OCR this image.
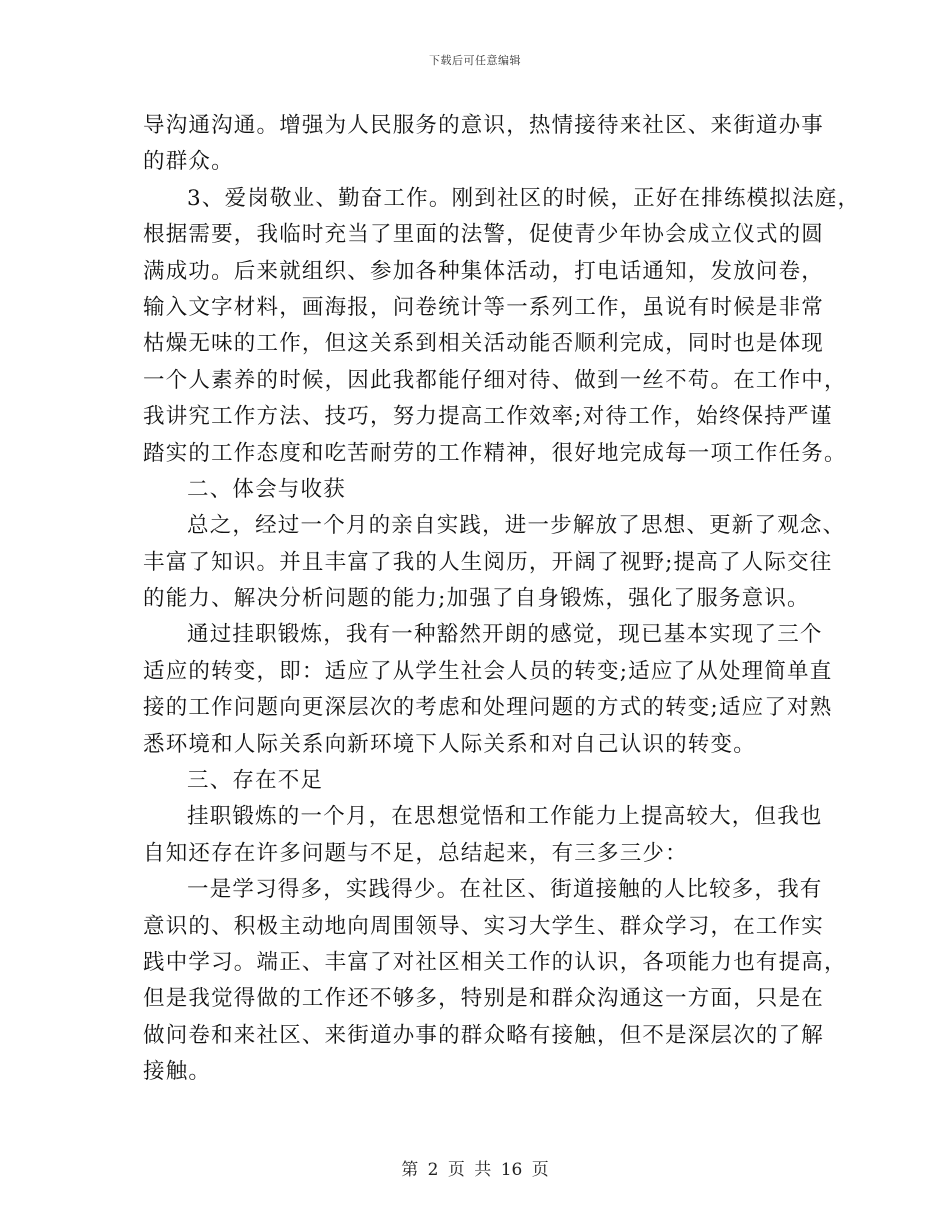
下载后可任意编辑
导沟通沟通。增强为人民服务的意识，热情接待来社区、来街道办事
的群众。
3、爱岗敬业、勤奋工作。刚到社区的时候，正好在排练模拟法庭，
根据需要，我临时充当了里面的法警，促使青少年协会成立仪式的圆
满成功。后来就组织、参加各种集体活动，打电话通知，发放问卷，
输入文字材料，画海报，问卷统计等一系列工作，虽说有时候是非常
枯燥无味的工作，但这关系到相关活动能否顺利完成，同时也是体现
一个人素养的时候，因此我都能仔细对待、做到一丝不苟。在工作中，
我讲究工作方法、技巧，努力提高工作效率;对待工作，始终保持严谨
踏实的工作态度和吃苦耐劳的工作精神，很好地完成每一项工作任务。
二、体会与收获
总之，经过一个月的亲自实践，进一步解放了思想、更新了观念、
丰富了知识。并且丰富了我的人生阅历，开阔了视野;提高了人际交往
的能力、解决分析问题的能力;加强了自身锻炼，强化了服务意识。
通过挂职锻炼，我有一种豁然开朗的感觉，现已基本实现了三个
适应的转变，即：适应了从学生社会人员的转变;适应了从处理简单直
接的工作问题向更深层次的考虑和处理问题的方式的转变;适应了对熟
悉环境和人际关系向新环境下人际关系和对自己认识的转变。
三、存在不足
挂职锻炼的一个月，在思想觉悟和工作能力上提高较大，但我也
自知还存在许多问题与不足，总结起来，有三多三少：
一是学习得多，实践得少。在社区、街道接触的人比较多，我有
意识的、积极主动地向周围领导、实习大学生、群众学习，在工作实
践中学习。端正、丰富了对社区相关工作的认识，各项能力也有提高，
但是我觉得做的工作还不够多，特别是和群众沟通这一方面，只是在
做问卷和来社区、来街道办事的群众略有接触，但不是深层次的了解
接触。
第 2 页 共 16 页
